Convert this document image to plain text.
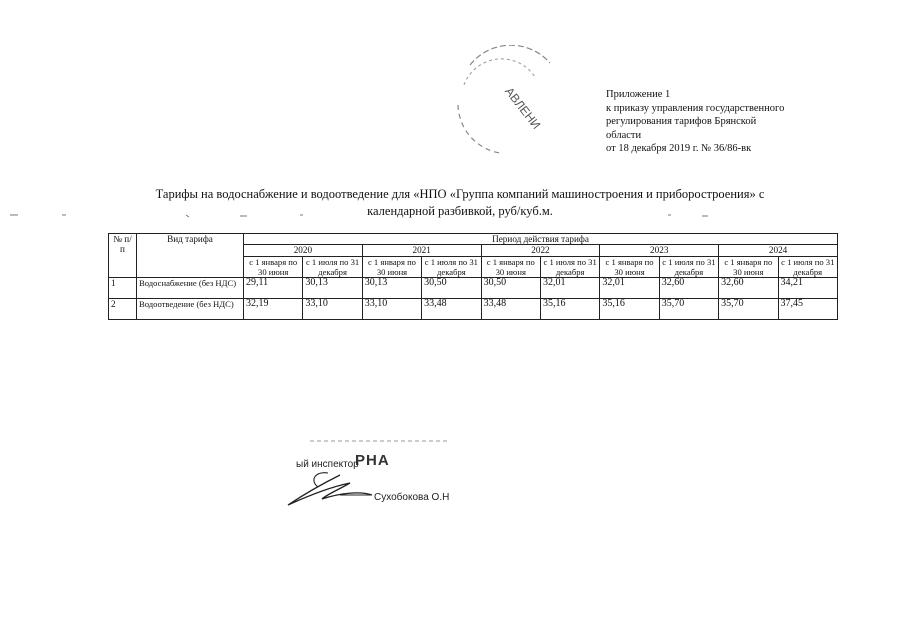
АВЛЕНИ	Приложение 1
к приказу управления государственного
регулирования тарифов Брянской
области
от 18 декабря 2019 г. № 36/86-вк
Тарифы на водоснабжение и водоотведение для «НПО «Группа компаний машиностроения и приборостроения» с
календарной разбивкой, руб/куб.м.
№ п/п	Вид тарифа	Период действия тарифа									
		2020		2021		2022		2023		2024	
		с 1 января по 30 июня	с 1 июля по 31 декабря	с 1 января по 30 июня	с 1 июля по 31 декабря	с 1 января по 30 июня	с 1 июля по 31 декабря	с 1 января по 30 июня	с 1 июля по 31 декабря	с 1 января по 30 июня	с 1 июля по 31 декабря
1	Водоснабжение (без НДС)	29,11	30,13	30,13	30,50	30,50	32,01	32,01	32,60	32,60	34,21
2	Водоотведение (без НДС)	32,19	33,10	33,10	33,48	33,48	35,16	35,16	35,70	35,70	37,45
РНА
ый инспектор
Сухобокова О.Н
